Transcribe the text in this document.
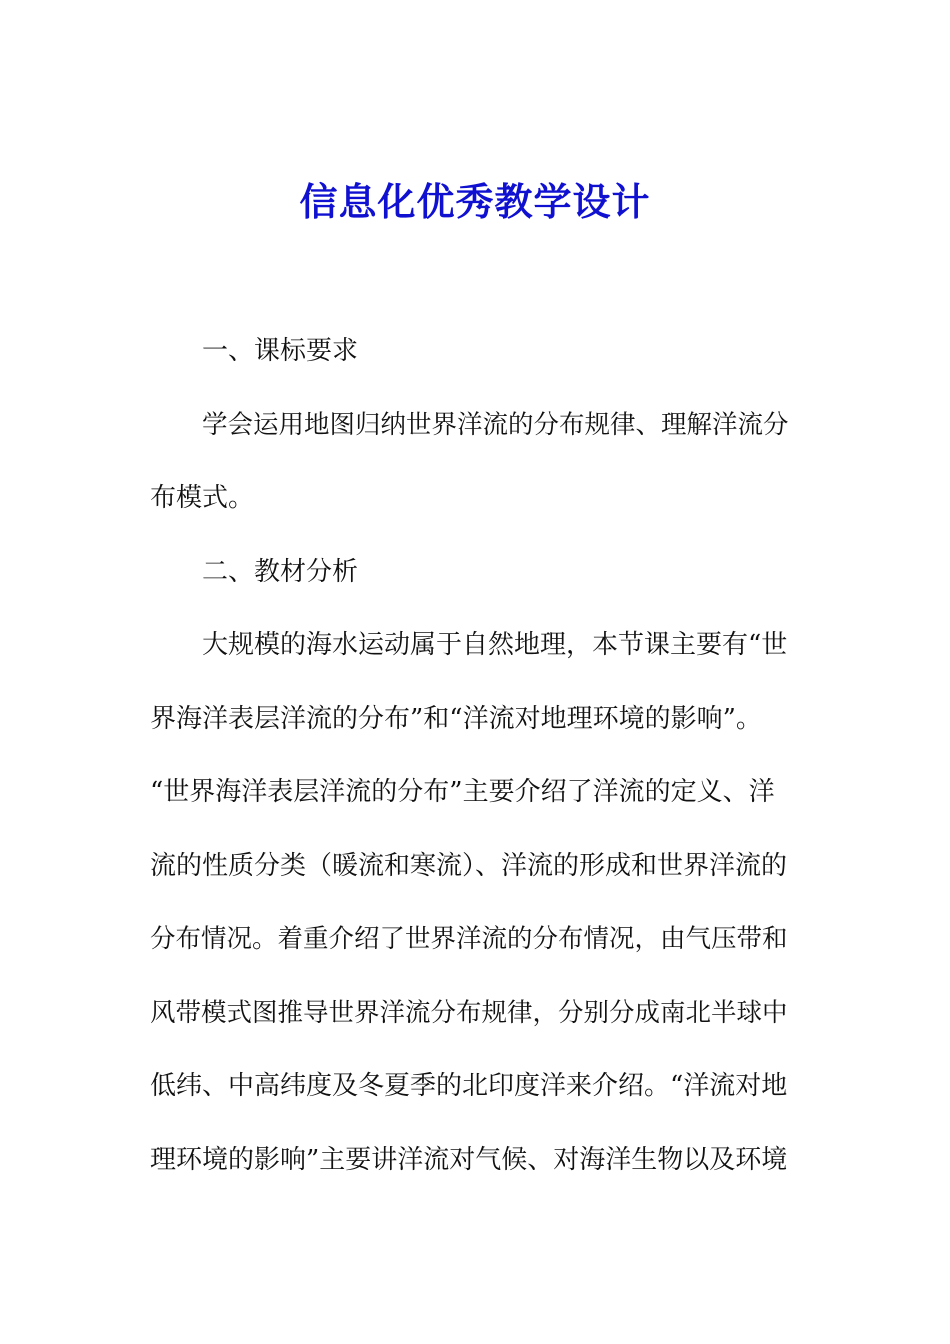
信息化优秀教学设计
一、课标要求
学会运用地图归纳世界洋流的分布规律、理解洋流分
布模式。
二、教材分析
大规模的海水运动属于自然地理，本节课主要有“世
界海洋表层洋流的分布”和“洋流对地理环境的影响”。
“世界海洋表层洋流的分布”主要介绍了洋流的定义、洋
流的性质分类（暖流和寒流）、洋流的形成和世界洋流的
分布情况。着重介绍了世界洋流的分布情况，由气压带和
风带模式图推导世界洋流分布规律，分别分成南北半球中
低纬、中高纬度及冬夏季的北印度洋来介绍。“洋流对地
理环境的影响”主要讲洋流对气候、对海洋生物以及环境
